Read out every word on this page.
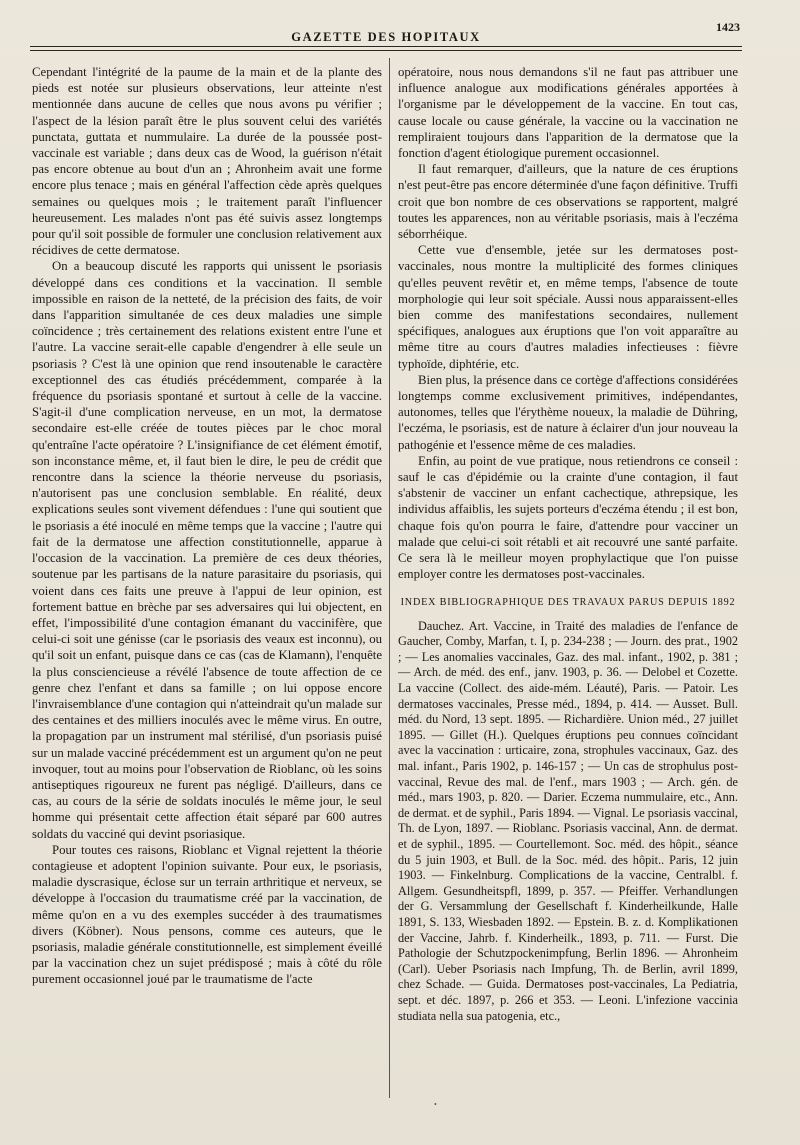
GAZETTE DES HOPITAUX
1423

Cependant l'intégrité de la paume de la main et de la plante des pieds est notée sur plusieurs observations, leur atteinte n'est mentionnée dans aucune de celles que nous avons pu vérifier ; l'aspect de la lésion paraît être le plus souvent celui des variétés punctata, guttata et nummulaire. La durée de la poussée post-vaccinale est variable ; dans deux cas de Wood, la guérison n'était pas encore obtenue au bout d'un an ; Ahronheim avait une forme encore plus tenace ; mais en général l'affection cède après quelques semaines ou quelques mois ; le traitement paraît l'influencer heureusement. Les malades n'ont pas été suivis assez longtemps pour qu'il soit possible de formuler une conclusion relativement aux récidives de cette dermatose.

On a beaucoup discuté les rapports qui unissent le psoriasis développé dans ces conditions et la vaccination. Il semble impossible en raison de la netteté, de la précision des faits, de voir dans l'apparition simultanée de ces deux maladies une simple coïncidence ; très certainement des relations existent entre l'une et l'autre. La vaccine serait-elle capable d'engendrer à elle seule un psoriasis ? C'est là une opinion que rend insoutenable le caractère exceptionnel des cas étudiés précédemment, comparée à la fréquence du psoriasis spontané et surtout à celle de la vaccine. S'agit-il d'une complication nerveuse, en un mot, la dermatose secondaire est-elle créée de toutes pièces par le choc moral qu'entraîne l'acte opératoire ? L'insignifiance de cet élément émotif, son inconstance même, et, il faut bien le dire, le peu de crédit que rencontre dans la science la théorie nerveuse du psoriasis, n'autorisent pas une conclusion semblable. En réalité, deux explications seules sont vivement défendues : l'une qui soutient que le psoriasis a été inoculé en même temps que la vaccine ; l'autre qui fait de la dermatose une affection constitutionnelle, apparue à l'occasion de la vaccination. La première de ces deux théories, soutenue par les partisans de la nature parasitaire du psoriasis, qui voient dans ces faits une preuve à l'appui de leur opinion, est fortement battue en brèche par ses adversaires qui lui objectent, en effet, l'impossibilité d'une contagion émanant du vaccinifère, que celui-ci soit une génisse (car le psoriasis des veaux est inconnu), ou qu'il soit un enfant, puisque dans ce cas (cas de Klamann), l'enquête la plus consciencieuse a révélé l'absence de toute affection de ce genre chez l'enfant et dans sa famille ; on lui oppose encore l'invraisemblance d'une contagion qui n'atteindrait qu'un malade sur des centaines et des milliers inoculés avec le même virus. En outre, la propagation par un instrument mal stérilisé, d'un psoriasis puisé sur un malade vacciné précédemment est un argument qu'on ne peut invoquer, tout au moins pour l'observation de Rioblanc, où les soins antiseptiques rigoureux ne furent pas négligé. D'ailleurs, dans ce cas, au cours de la série de soldats inoculés le même jour, le seul homme qui présentait cette affection était séparé par 600 autres soldats du vacciné qui devint psoriasique.

Pour toutes ces raisons, Rioblanc et Vignal rejettent la théorie contagieuse et adoptent l'opinion suivante. Pour eux, le psoriasis, maladie dyscrasique, éclose sur un terrain arthritique et nerveux, se développe à l'occasion du traumatisme créé par la vaccination, de même qu'on en a vu des exemples succéder à des traumatismes divers (Köbner). Nous pensons, comme ces auteurs, que le psoriasis, maladie générale constitutionnelle, est simplement éveillé par la vaccination chez un sujet prédisposé ; mais à côté du rôle purement occasionnel joué par le traumatisme de l'acte

opératoire, nous nous demandons s'il ne faut pas attribuer une influence analogue aux modifications générales apportées à l'organisme par le développement de la vaccine. En tout cas, cause locale ou cause générale, la vaccine ou la vaccination ne rempliraient toujours dans l'apparition de la dermatose que la fonction d'agent étiologique purement occasionnel.

Il faut remarquer, d'ailleurs, que la nature de ces éruptions n'est peut-être pas encore déterminée d'une façon définitive. Truffi croit que bon nombre de ces observations se rapportent, malgré toutes les apparences, non au véritable psoriasis, mais à l'eczéma séborrhéique.

Cette vue d'ensemble, jetée sur les dermatoses post-vaccinales, nous montre la multiplicité des formes cliniques qu'elles peuvent revêtir et, en même temps, l'absence de toute morphologie qui leur soit spéciale. Aussi nous apparaissent-elles bien comme des manifestations secondaires, nullement spécifiques, analogues aux éruptions que l'on voit apparaître au même titre au cours d'autres maladies infectieuses : fièvre typhoïde, diphtérie, etc.

Bien plus, la présence dans ce cortège d'affections considérées longtemps comme exclusivement primitives, indépendantes, autonomes, telles que l'érythème noueux, la maladie de Dühring, l'eczéma, le psoriasis, est de nature à éclairer d'un jour nouveau la pathogénie et l'essence même de ces maladies.

Enfin, au point de vue pratique, nous retiendrons ce conseil : sauf le cas d'épidémie ou la crainte d'une contagion, il faut s'abstenir de vacciner un enfant cachectique, athrepsique, les individus affaiblis, les sujets porteurs d'eczéma étendu ; il est bon, chaque fois qu'on pourra le faire, d'attendre pour vacciner un malade que celui-ci soit rétabli et ait recouvré une santé parfaite. Ce sera là le meilleur moyen prophylactique que l'on puisse employer contre les dermatoses post-vaccinales.

INDEX BIBLIOGRAPHIQUE DES TRAVAUX PARUS DEPUIS 1892

Dauchez. Art. Vaccine, in Traité des maladies de l'enfance de Gaucher, Comby, Marfan, t. I, p. 234-238 ; — Journ. des prat., 1902 ; — Les anomalies vaccinales, Gaz. des mal. infant., 1902, p. 381 ; — Arch. de méd. des enf., janv. 1903, p. 36. — Delobel et Cozette. La vaccine (Collect. des aide-mém. Léauté), Paris. — Patoir. Les dermatoses vaccinales, Presse méd., 1894, p. 414. — Ausset. Bull. méd. du Nord, 13 sept. 1895. — Richardière. Union méd., 27 juillet 1895. — Gillet (H.). Quelques éruptions peu connues coïncidant avec la vaccination : urticaire, zona, strophules vaccinaux, Gaz. des mal. infant., Paris 1902, p. 146-157 ; — Un cas de strophulus post-vaccinal, Revue des mal. de l'enf., mars 1903 ; — Arch. gén. de méd., mars 1903, p. 820. — Darier. Eczema nummulaire, etc., Ann. de dermat. et de syphil., Paris 1894. — Vignal. Le psoriasis vaccinal, Th. de Lyon, 1897. — Rioblanc. Psoriasis vaccinal, Ann. de dermat. et de syphil., 1895. — Courtellemont. Soc. méd. des hôpit., séance du 5 juin 1903, et Bull. de la Soc. méd. des hôpit.. Paris, 12 juin 1903. — Finkelnburg. Complications de la vaccine, Centralbl. f. Allgem. Gesundheitspfl, 1899, p. 357. — Pfeiffer. Verhandlungen der G. Versammlung der Gesellschaft f. Kinderheilkunde, Halle 1891, S. 133, Wiesbaden 1892. — Epstein. B. z. d. Komplikationen der Vaccine, Jahrb. f. Kinderheilk., 1893, p. 711. — Furst. Die Pathologie der Schutzpockenimpfung, Berlin 1896. — Ahronheim (Carl). Ueber Psoriasis nach Impfung, Th. de Berlin, avril 1899, chez Schade. — Guida. Dermatoses post-vaccinales, La Pediatria, sept. et déc. 1897, p. 266 et 353. — Leoni. L'infezione vaccinia studiata nella sua patogenia, etc.,

•
